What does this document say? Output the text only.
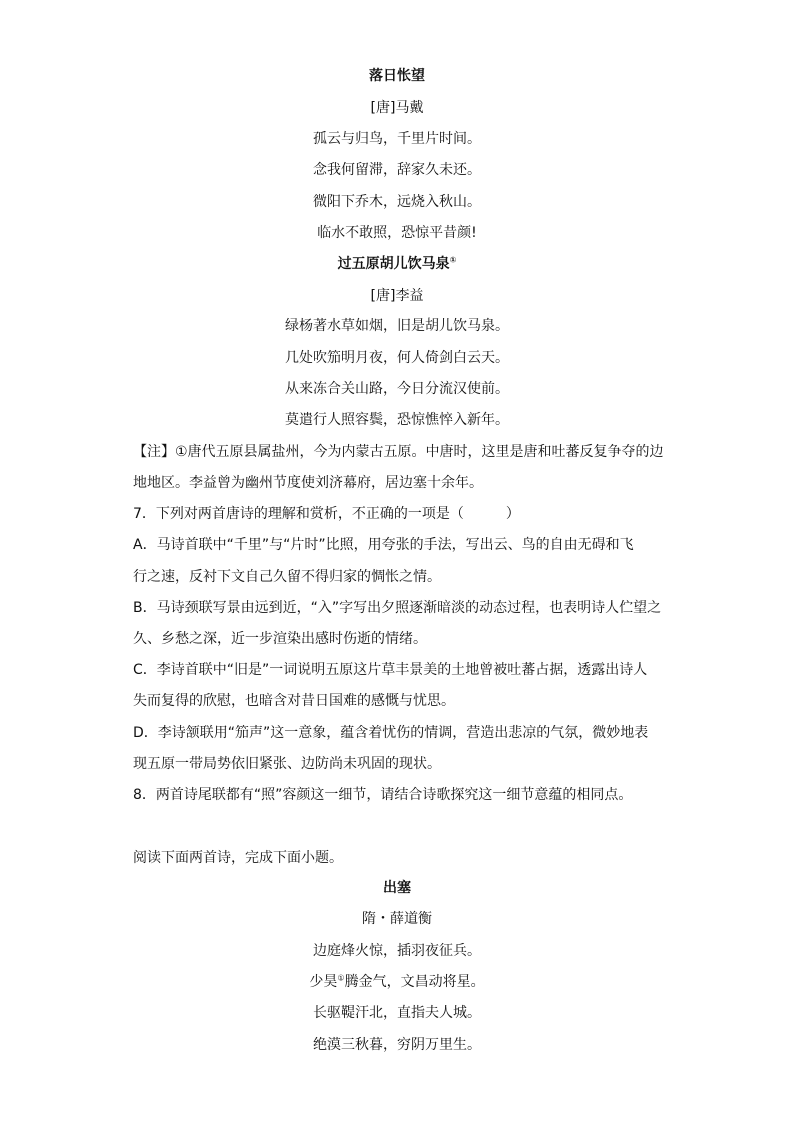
落日怅望
[唐]马戴
孤云与归鸟，千里片时间。
念我何留滞，辞家久未还。
微阳下乔木，远烧入秋山。
临水不敢照，恐惊平昔颜!
过五原胡儿饮马泉①
[唐]李益
绿杨著水草如烟，旧是胡儿饮马泉。
几处吹笳明月夜，何人倚剑白云天。
从来冻合关山路，今日分流汉使前。
莫遣行人照容鬓，恐惊憔悴入新年。
【注】①唐代五原县属盐州，今为内蒙古五原。中唐时，这里是唐和吐蕃反复争夺的边
地地区。李益曾为幽州节度使刘济幕府，居边塞十余年。
7．下列对两首唐诗的理解和赏析，不正确的一项是（　　　）
A．马诗首联中“千里”与“片时”比照，用夸张的手法，写出云、鸟的自由无碍和飞
行之速，反衬下文自己久留不得归家的惆怅之情。
B．马诗颈联写景由远到近，“入”字写出夕照逐渐暗淡的动态过程，也表明诗人伫望之
久、乡愁之深，近一步渲染出感时伤逝的情绪。
C．李诗首联中“旧是”一词说明五原这片草丰景美的土地曾被吐蕃占据，透露出诗人
失而复得的欣慰，也暗含对昔日国难的感慨与忧思。
D．李诗颔联用“笳声”这一意象，蕴含着忧伤的情调，营造出悲凉的气氛，微妙地表
现五原一带局势依旧紧张、边防尚未巩固的现状。
8．两首诗尾联都有“照”容颜这一细节，请结合诗歌探究这一细节意蕴的相同点。
阅读下面两首诗，完成下面小题。
出塞
隋・薛道衡
边庭烽火惊，插羽夜征兵。
少昊①腾金气，文昌动将星。
长驱鞮汗北，直指夫人城。
绝漠三秋暮，穷阴万里生。
